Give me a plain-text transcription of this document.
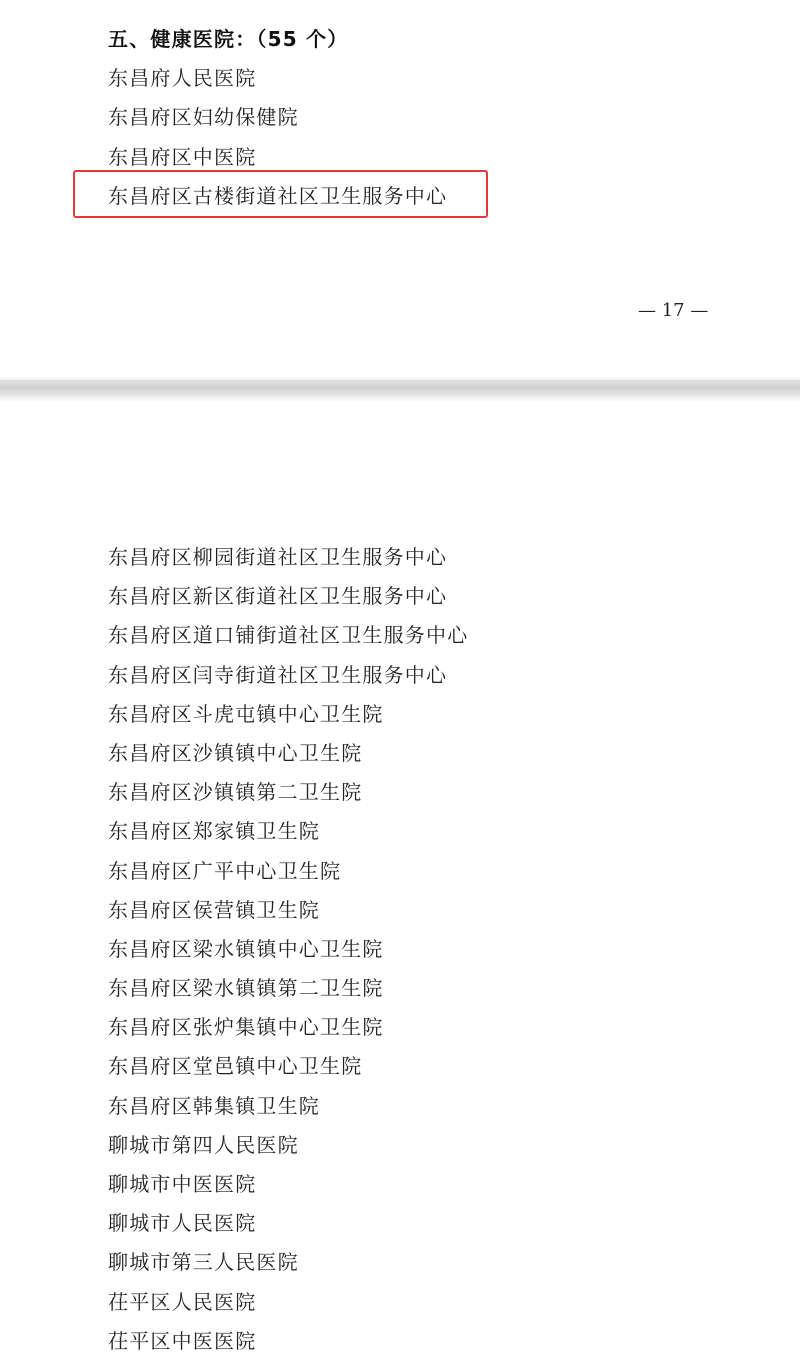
五、健康医院：（55 个）
东昌府人民医院
东昌府区妇幼保健院
东昌府区中医院
东昌府区古楼街道社区卫生服务中心
— 17 —
东昌府区柳园街道社区卫生服务中心
东昌府区新区街道社区卫生服务中心
东昌府区道口铺街道社区卫生服务中心
东昌府区闫寺街道社区卫生服务中心
东昌府区斗虎屯镇中心卫生院
东昌府区沙镇镇中心卫生院
东昌府区沙镇镇第二卫生院
东昌府区郑家镇卫生院
东昌府区广平中心卫生院
东昌府区侯营镇卫生院
东昌府区梁水镇镇中心卫生院
东昌府区梁水镇镇第二卫生院
东昌府区张炉集镇中心卫生院
东昌府区堂邑镇中心卫生院
东昌府区韩集镇卫生院
聊城市第四人民医院
聊城市中医医院
聊城市人民医院
聊城市第三人民医院
茌平区人民医院
茌平区中医医院
